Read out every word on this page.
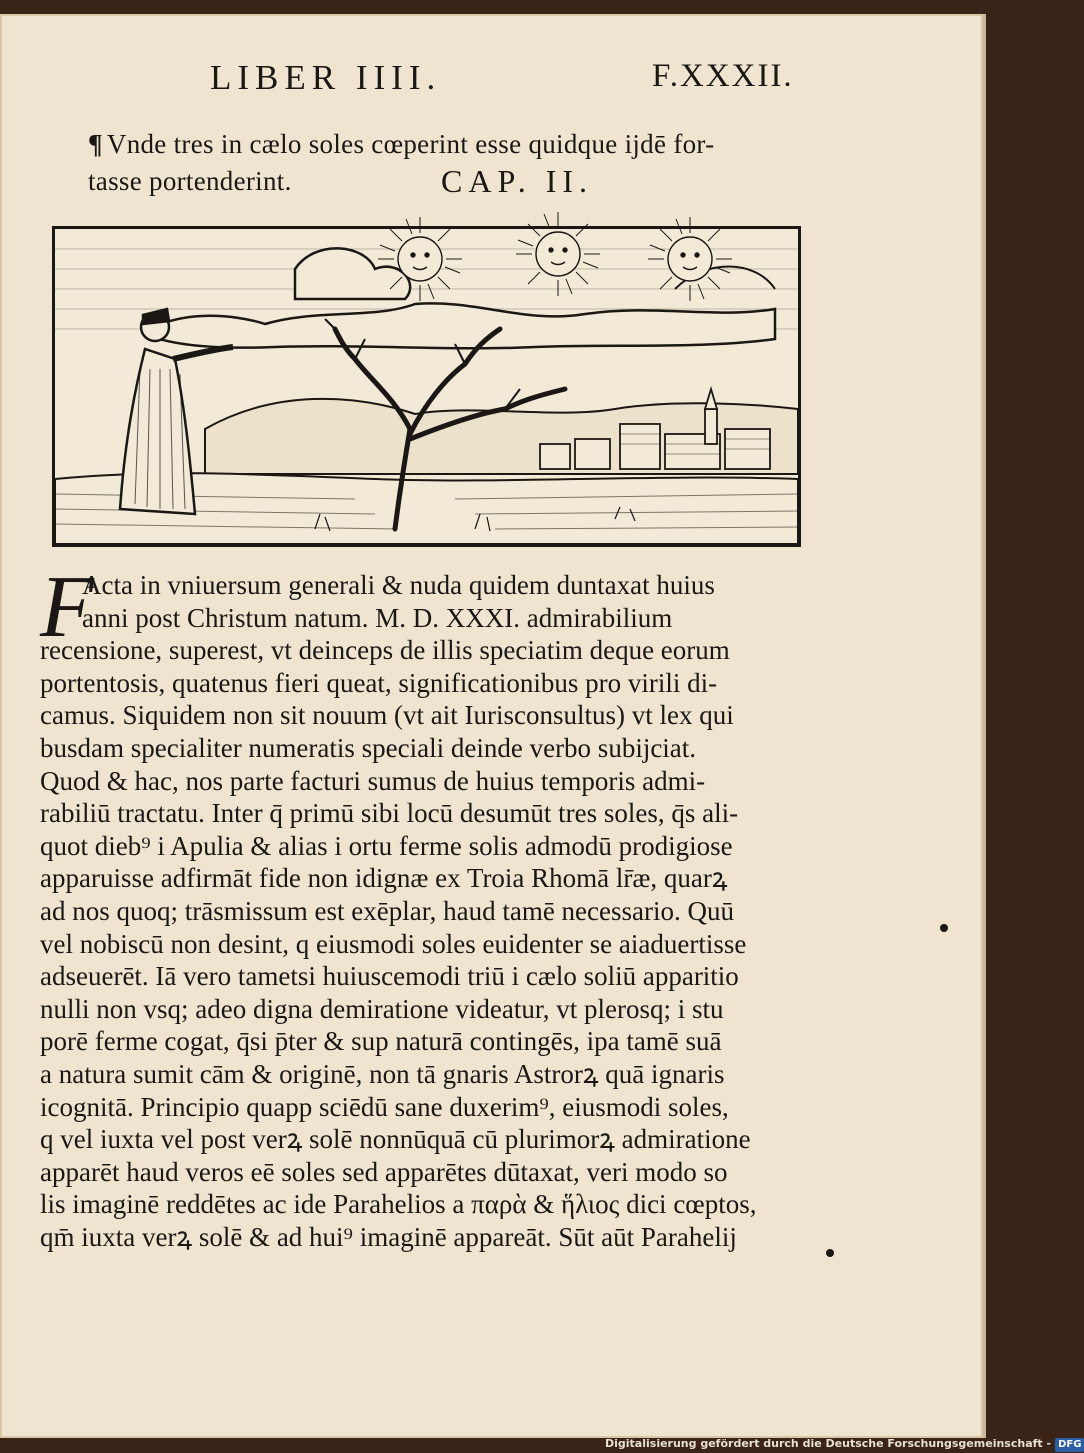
LIBER IIII.	F.XXXII.
¶ Vnde tres in cælo soles cœperint esse quidque ijdē for-
tasse portenderint.	CAP. II.
F
Acta in vniuersum generali & nuda quidem duntaxat huius
anni post Christum natum. M. D. XXXI. admirabilium
recensione, superest, vt deinceps de illis speciatim deque eorum
portentosis, quatenus fieri queat, significationibus pro virili di-
camus. Siquidem non sit nouum (vt ait Iurisconsultus) vt lex qui
busdam specialiter numeratis speciali deinde verbo subijciat.
Quod & hac, nos parte facturi sumus de huius temporis admi-
rabiliū tractatu. Inter q̄ primū sibi locū desumūt tres soles, q̄s ali-
quot dieb⁹ i Apulia & alias i ortu ferme solis admodū prodigiose
apparuisse adfirmāt fide non idignæ ex Troia Rhomā lr̄æ, quarꝝ
ad nos quoq; trāsmissum est exēplar, haud tamē necessario. Quū
vel nobiscū non desint, q eiusmodi soles euidenter se aiaduertisse
adseuerēt. Iā vero tametsi huiuscemodi triū i cælo soliū apparitio
nulli non vsq; adeo digna demiratione videatur, vt plerosq; i stu
porē ferme cogat, q̄si p̄ter & sup naturā contingēs, ipa tamē suā
a natura sumit cām & originē, non tā gnaris Astrorꝝ quā ignaris
icognitā. Principio quapp sciēdū sane duxerim⁹, eiusmodi soles,
q vel iuxta vel post verꝝ solē nonnūquā cū plurimorꝝ admiratione
apparēt haud veros eē soles sed apparētes dūtaxat, veri modo so
lis imaginē reddētes ac ide Parahelios a παρὰ & ἥλιος dici cœptos,
qm̄ iuxta verꝝ solē & ad hui⁹ imaginē appareāt. Sūt aūt Parahelij
Digitalisierung gefördert durch die Deutsche Forschungsgemeinschaft - DFG
